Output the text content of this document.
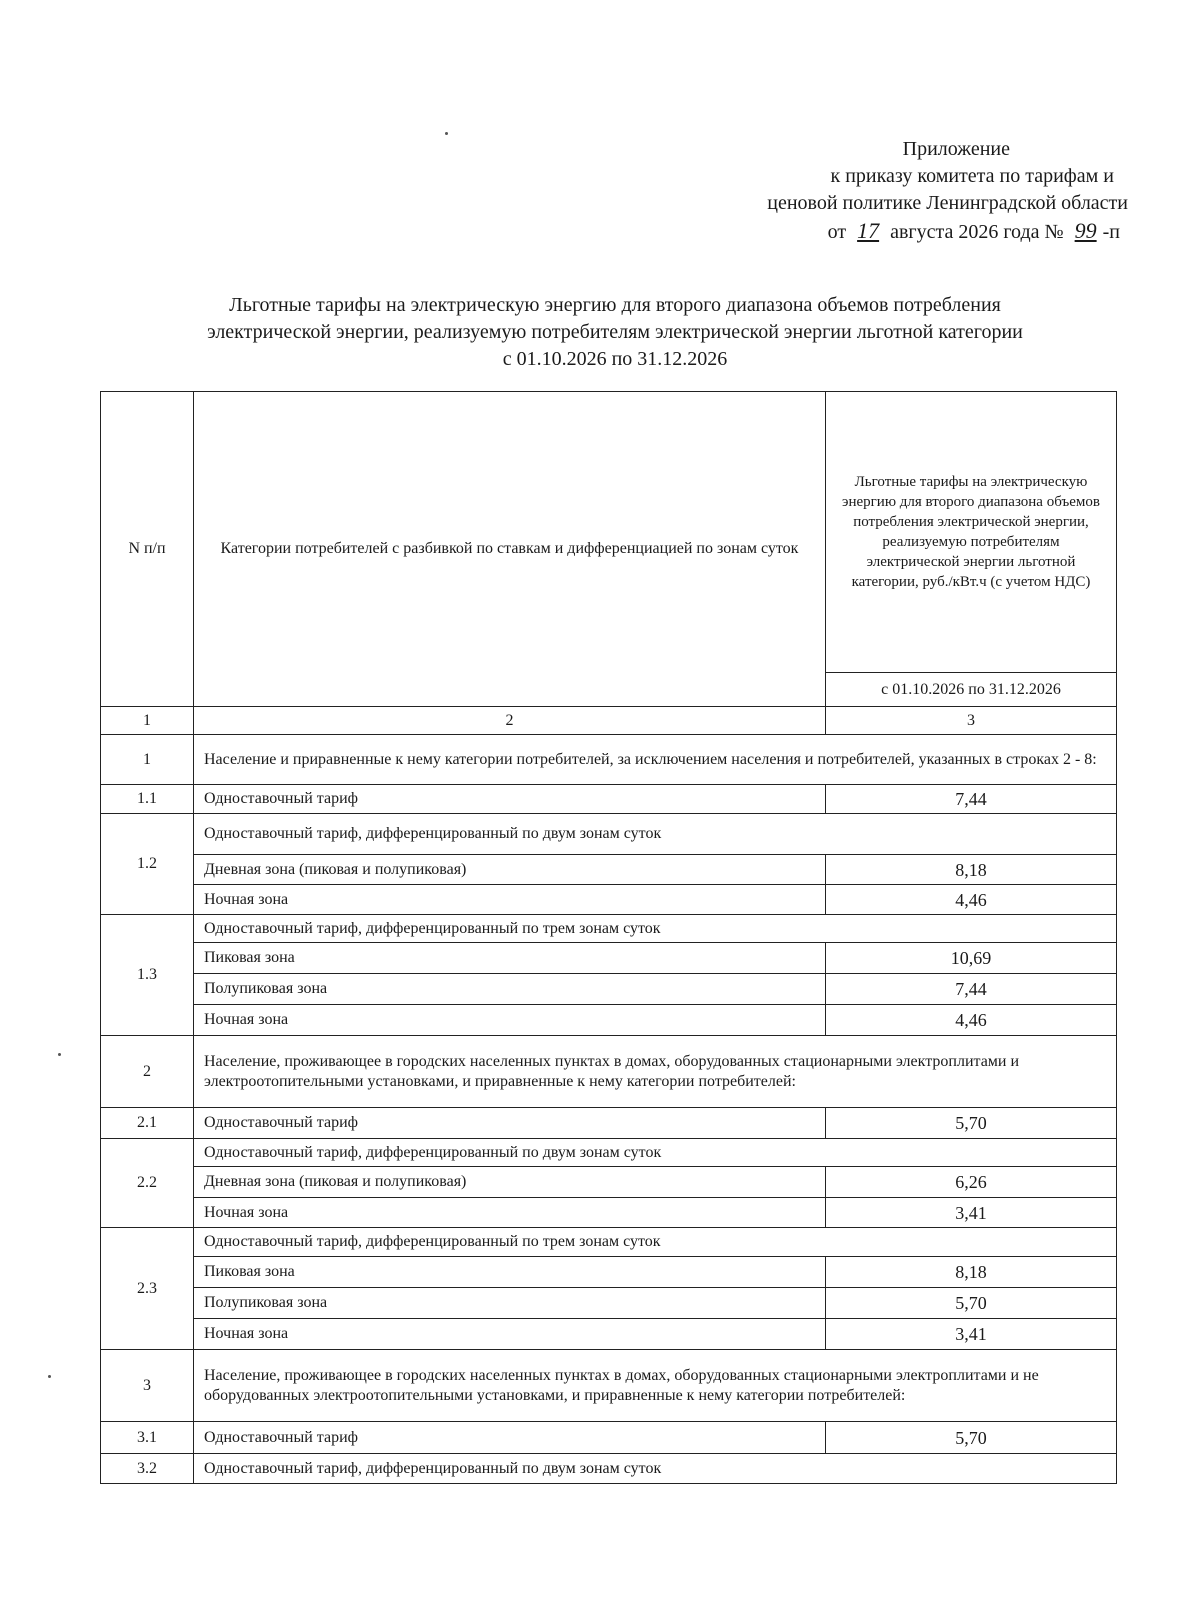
Приложение
к приказу комитета по тарифам и
ценовой политике Ленинградской области
от 17 августа 2026 года № 99 -п
Льготные тарифы на электрическую энергию для второго диапазона объемов потребления
электрической энергии, реализуемую потребителям электрической энергии льготной категории
с 01.10.2026 по 31.12.2026
N п/п	Категории потребителей с разбивкой по ставкам и дифференциацией по зонам суток	Льготные тарифы на электрическую энергию для второго диапазона объемов потребления электрической энергии, реализуемую потребителям электрической энергии льготной категории, руб./кВт.ч (с учетом НДС)
		с 01.10.2026 по 31.12.2026
1	2	3
1	Население и приравненные к нему категории потребителей, за исключением населения и потребителей, указанных в строках 2 - 8:	
1.1	Одноставочный тариф	7,44
1.2	Одноставочный тариф, дифференцированный по двум зонам суток	
	Дневная зона (пиковая и полупиковая)	8,18
	Ночная зона	4,46
1.3	Одноставочный тариф, дифференцированный по трем зонам суток	
	Пиковая зона	10,69
	Полупиковая зона	7,44
	Ночная зона	4,46
2	Население, проживающее в городских населенных пунктах в домах, оборудованных стационарными электроплитами и электроотопительными установками, и приравненные к нему категории потребителей:	
2.1	Одноставочный тариф	5,70
2.2	Одноставочный тариф, дифференцированный по двум зонам суток	
	Дневная зона (пиковая и полупиковая)	6,26
	Ночная зона	3,41
2.3	Одноставочный тариф, дифференцированный по трем зонам суток	
	Пиковая зона	8,18
	Полупиковая зона	5,70
	Ночная зона	3,41
3	Население, проживающее в городских населенных пунктах в домах, оборудованных стационарными электроплитами и не оборудованных электроотопительными установками, и приравненные к нему категории потребителей:	
3.1	Одноставочный тариф	5,70
3.2	Одноставочный тариф, дифференцированный по двум зонам суток	
